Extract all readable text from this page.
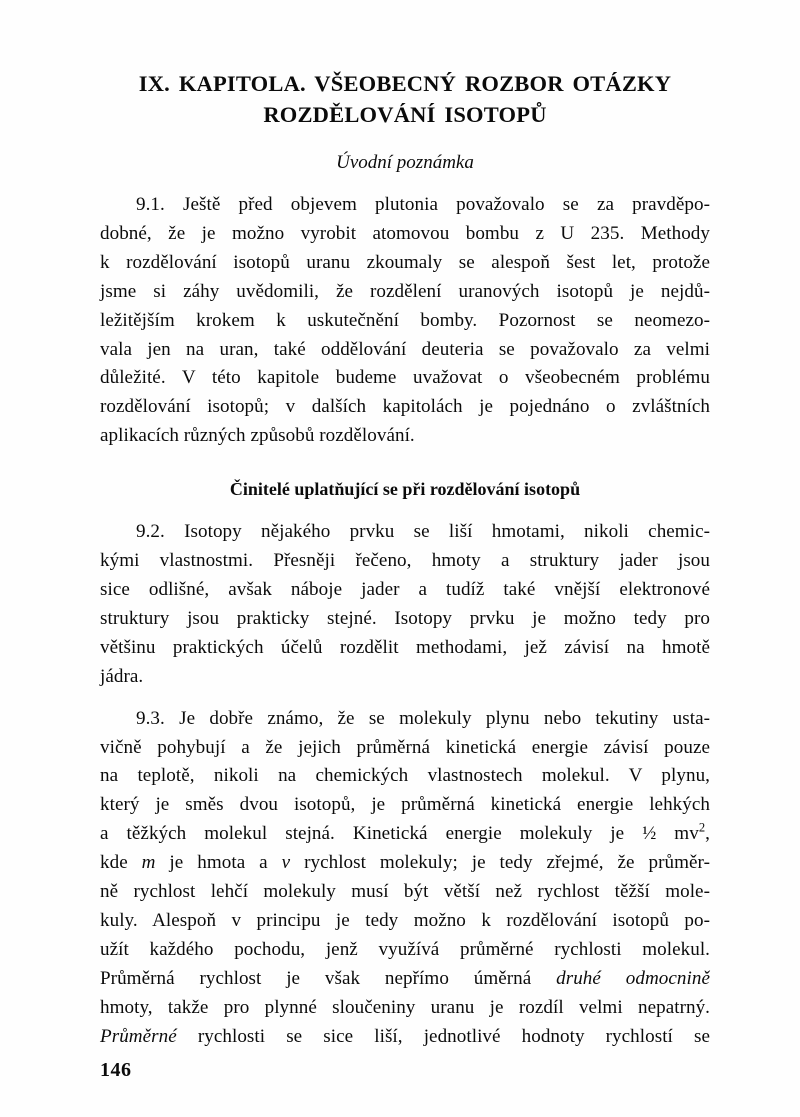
IX. KAPITOLA. VŠEOBECNÝ ROZBOR OTÁZKY
ROZDĚLOVÁNÍ ISOTOPŮ
Úvodní poznámka
9.1. Ještě před objevem plutonia považovalo se za pravděpo-
dobné, že je možno vyrobit atomovou bombu z U 235. Methody
k rozdělování isotopů uranu zkoumaly se alespoň šest let, protože
jsme si záhy uvědomili, že rozdělení uranových isotopů je nejdů-
ležitějším krokem k uskutečnění bomby. Pozornost se neomezo-
vala jen na uran, také oddělování deuteria se považovalo za velmi
důležité. V této kapitole budeme uvažovat o všeobecném problému
rozdělování isotopů; v dalších kapitolách je pojednáno o zvláštních
aplikacích různých způsobů rozdělování.
Činitelé uplatňující se při rozdělování isotopů
9.2. Isotopy nějakého prvku se liší hmotami, nikoli chemic-
kými vlastnostmi. Přesněji řečeno, hmoty a struktury jader jsou
sice odlišné, avšak náboje jader a tudíž také vnější elektronové
struktury jsou prakticky stejné. Isotopy prvku je možno tedy pro
většinu praktických účelů rozdělit methodami, jež závisí na hmotě
jádra.
9.3. Je dobře známo, že se molekuly plynu nebo tekutiny usta-
vičně pohybují a že jejich průměrná kinetická energie závisí pouze
na teplotě, nikoli na chemických vlastnostech molekul. V plynu,
který je směs dvou isotopů, je průměrná kinetická energie lehkých
a těžkých molekul stejná. Kinetická energie molekuly je ½ $mv^2$,
kde m je hmota a v rychlost molekuly; je tedy zřejmé, že průměr-
ně rychlost lehčí molekuly musí být větší než rychlost těžší mole-
kuly. Alespoň v principu je tedy možno k rozdělování isotopů po-
užít každého pochodu, jenž využívá průměrné rychlosti molekul.
Průměrná rychlost je však nepřímo úměrná druhé odmocnině
hmoty, takže pro plynné sloučeniny uranu je rozdíl velmi nepatrný.
Průměrné rychlosti se sice liší, jednotlivé hodnoty rychlostí se
146
